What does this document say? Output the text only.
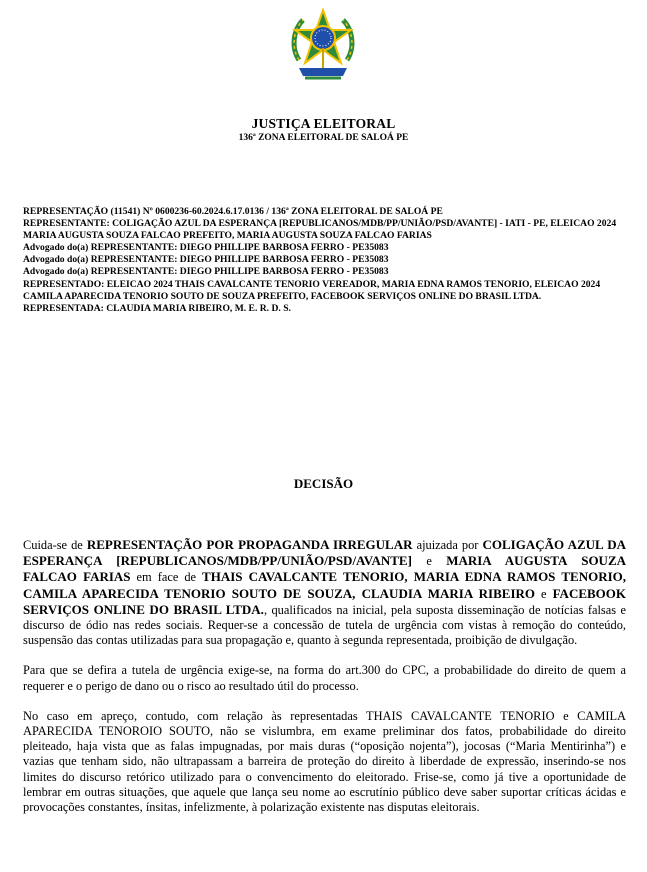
JUSTIÇA ELEITORAL
136ª ZONA ELEITORAL DE SALOÁ PE
REPRESENTAÇÃO (11541) Nº 0600236-60.2024.6.17.0136 / 136ª ZONA ELEITORAL DE SALOÁ PE
REPRESENTANTE: COLIGAÇÃO AZUL DA ESPERANÇA [REPUBLICANOS/MDB/PP/UNIÃO/PSD/AVANTE] - IATI - PE, ELEICAO 2024 MARIA AUGUSTA SOUZA FALCAO PREFEITO, MARIA AUGUSTA SOUZA FALCAO FARIAS
Advogado do(a) REPRESENTANTE: DIEGO PHILLIPE BARBOSA FERRO - PE35083
Advogado do(a) REPRESENTANTE: DIEGO PHILLIPE BARBOSA FERRO - PE35083
Advogado do(a) REPRESENTANTE: DIEGO PHILLIPE BARBOSA FERRO - PE35083
REPRESENTADO: ELEICAO 2024 THAIS CAVALCANTE TENORIO VEREADOR, MARIA EDNA RAMOS TENORIO, ELEICAO 2024 CAMILA APARECIDA TENORIO SOUTO DE SOUZA PREFEITO, FACEBOOK SERVIÇOS ONLINE DO BRASIL LTDA.
REPRESENTADA: CLAUDIA MARIA RIBEIRO, M. E. R. D. S.
DECISÃO

Cuida-se de REPRESENTAÇÃO POR PROPAGANDA IRREGULAR ajuizada por COLIGAÇÃO AZUL DA ESPERANÇA [REPUBLICANOS/MDB/PP/UNIÃO/PSD/AVANTE] e MARIA AUGUSTA SOUZA FALCAO FARIAS em face de THAIS CAVALCANTE TENORIO, MARIA EDNA RAMOS TENORIO, CAMILA APARECIDA TENORIO SOUTO DE SOUZA, CLAUDIA MARIA RIBEIRO e FACEBOOK SERVIÇOS ONLINE DO BRASIL LTDA., qualificados na inicial, pela suposta disseminação de notícias falsas e discurso de ódio nas redes sociais. Requer-se a concessão de tutela de urgência com vistas à remoção do conteúdo, suspensão das contas utilizadas para sua propagação e, quanto à segunda representada, proibição de divulgação.

Para que se defira a tutela de urgência exige-se, na forma do art.300 do CPC, a probabilidade do direito de quem a requerer e o perigo de dano ou o risco ao resultado útil do processo.

No caso em apreço, contudo, com relação às representadas THAIS CAVALCANTE TENORIO e CAMILA APARECIDA TENOROIO SOUTO, não se vislumbra, em exame preliminar dos fatos, probabilidade do direito pleiteado, haja vista que as falas impugnadas, por mais duras (“oposição nojenta”), jocosas (“Maria Mentirinha”) e vazias que tenham sido, não ultrapassam a barreira de proteção do direito à liberdade de expressão, inserindo-se nos limites do discurso retórico utilizado para o convencimento do eleitorado. Frise-se, como já tive a oportunidade de lembrar em outras situações, que aquele que lança seu nome ao escrutínio público deve saber suportar críticas ácidas e provocações constantes, ínsitas, infelizmente, à polarização existente nas disputas eleitorais.
